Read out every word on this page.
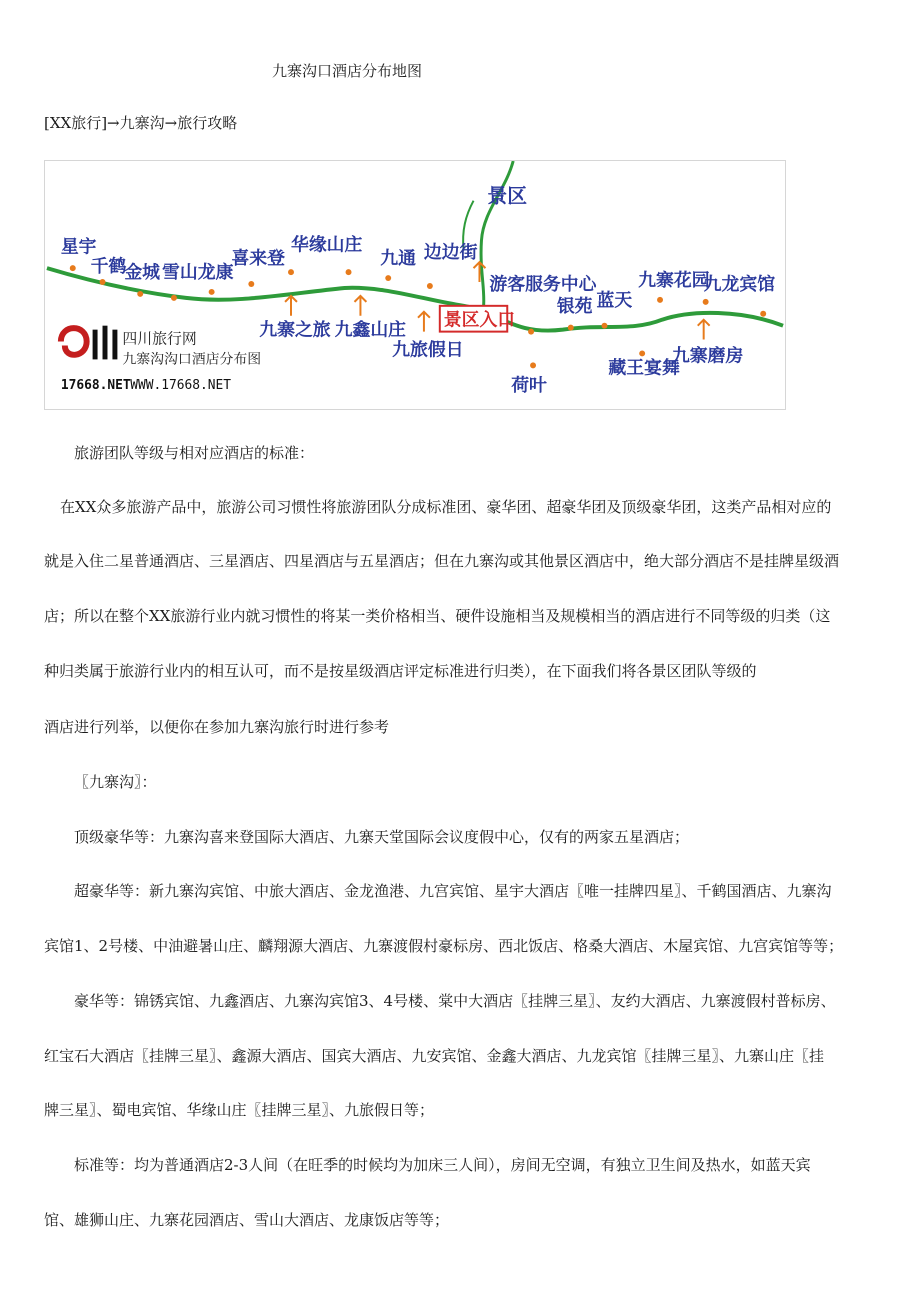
九寨沟口酒店分布地图
[XX旅行]→九寨沟→旅行攻略
景区
星宇
千鹤
金城 雪山 龙康
喜来登
华缘山庄
九通 边边街
游客服务中心
银苑 蓝天
九寨花园
九龙宾馆
景区入口
九寨之旅 九鑫山庄
九旅假日
荷叶
藏王宴舞
九寨磨房
四川旅行网
九寨沟沟口酒店分布图
17668.NET WWW.17668.NET
旅游团队等级与相对应酒店的标准：
在XX众多旅游产品中，旅游公司习惯性将旅游团队分成标准团、豪华团、超豪华团及顶级豪华团，这类产品相对应的
就是入住二星普通酒店、三星酒店、四星酒店与五星酒店；但在九寨沟或其他景区酒店中，绝大部分酒店不是挂牌星级酒
店；所以在整个XX旅游行业内就习惯性的将某一类价格相当、硬件设施相当及规模相当的酒店进行不同等级的归类（这
种归类属于旅游行业内的相互认可，而不是按星级酒店评定标准进行归类），在下面我们将各景区团队等级的
酒店进行列举，以便你在参加九寨沟旅行时进行参考
〖九寨沟〗：
顶级豪华等：九寨沟喜来登国际大酒店、九寨天堂国际会议度假中心，仅有的两家五星酒店；
超豪华等：新九寨沟宾馆、中旅大酒店、金龙渔港、九宫宾馆、星宇大酒店〖唯一挂牌四星〗、千鹤国酒店、九寨沟
宾馆1、2号楼、中油避暑山庄、麟翔源大酒店、九寨渡假村豪标房、西北饭店、格桑大酒店、木屋宾馆、九宫宾馆等等；
豪华等：锦锈宾馆、九鑫酒店、九寨沟宾馆3、4号楼、棠中大酒店〖挂牌三星〗、友约大酒店、九寨渡假村普标房、
红宝石大酒店〖挂牌三星〗、鑫源大酒店、国宾大酒店、九安宾馆、金鑫大酒店、九龙宾馆〖挂牌三星〗、九寨山庄〖挂
牌三星〗、蜀电宾馆、华缘山庄〖挂牌三星〗、九旅假日等；
标准等：均为普通酒店2-3人间（在旺季的时候均为加床三人间），房间无空调，有独立卫生间及热水，如蓝天宾
馆、雄狮山庄、九寨花园酒店、雪山大酒店、龙康饭店等等；
